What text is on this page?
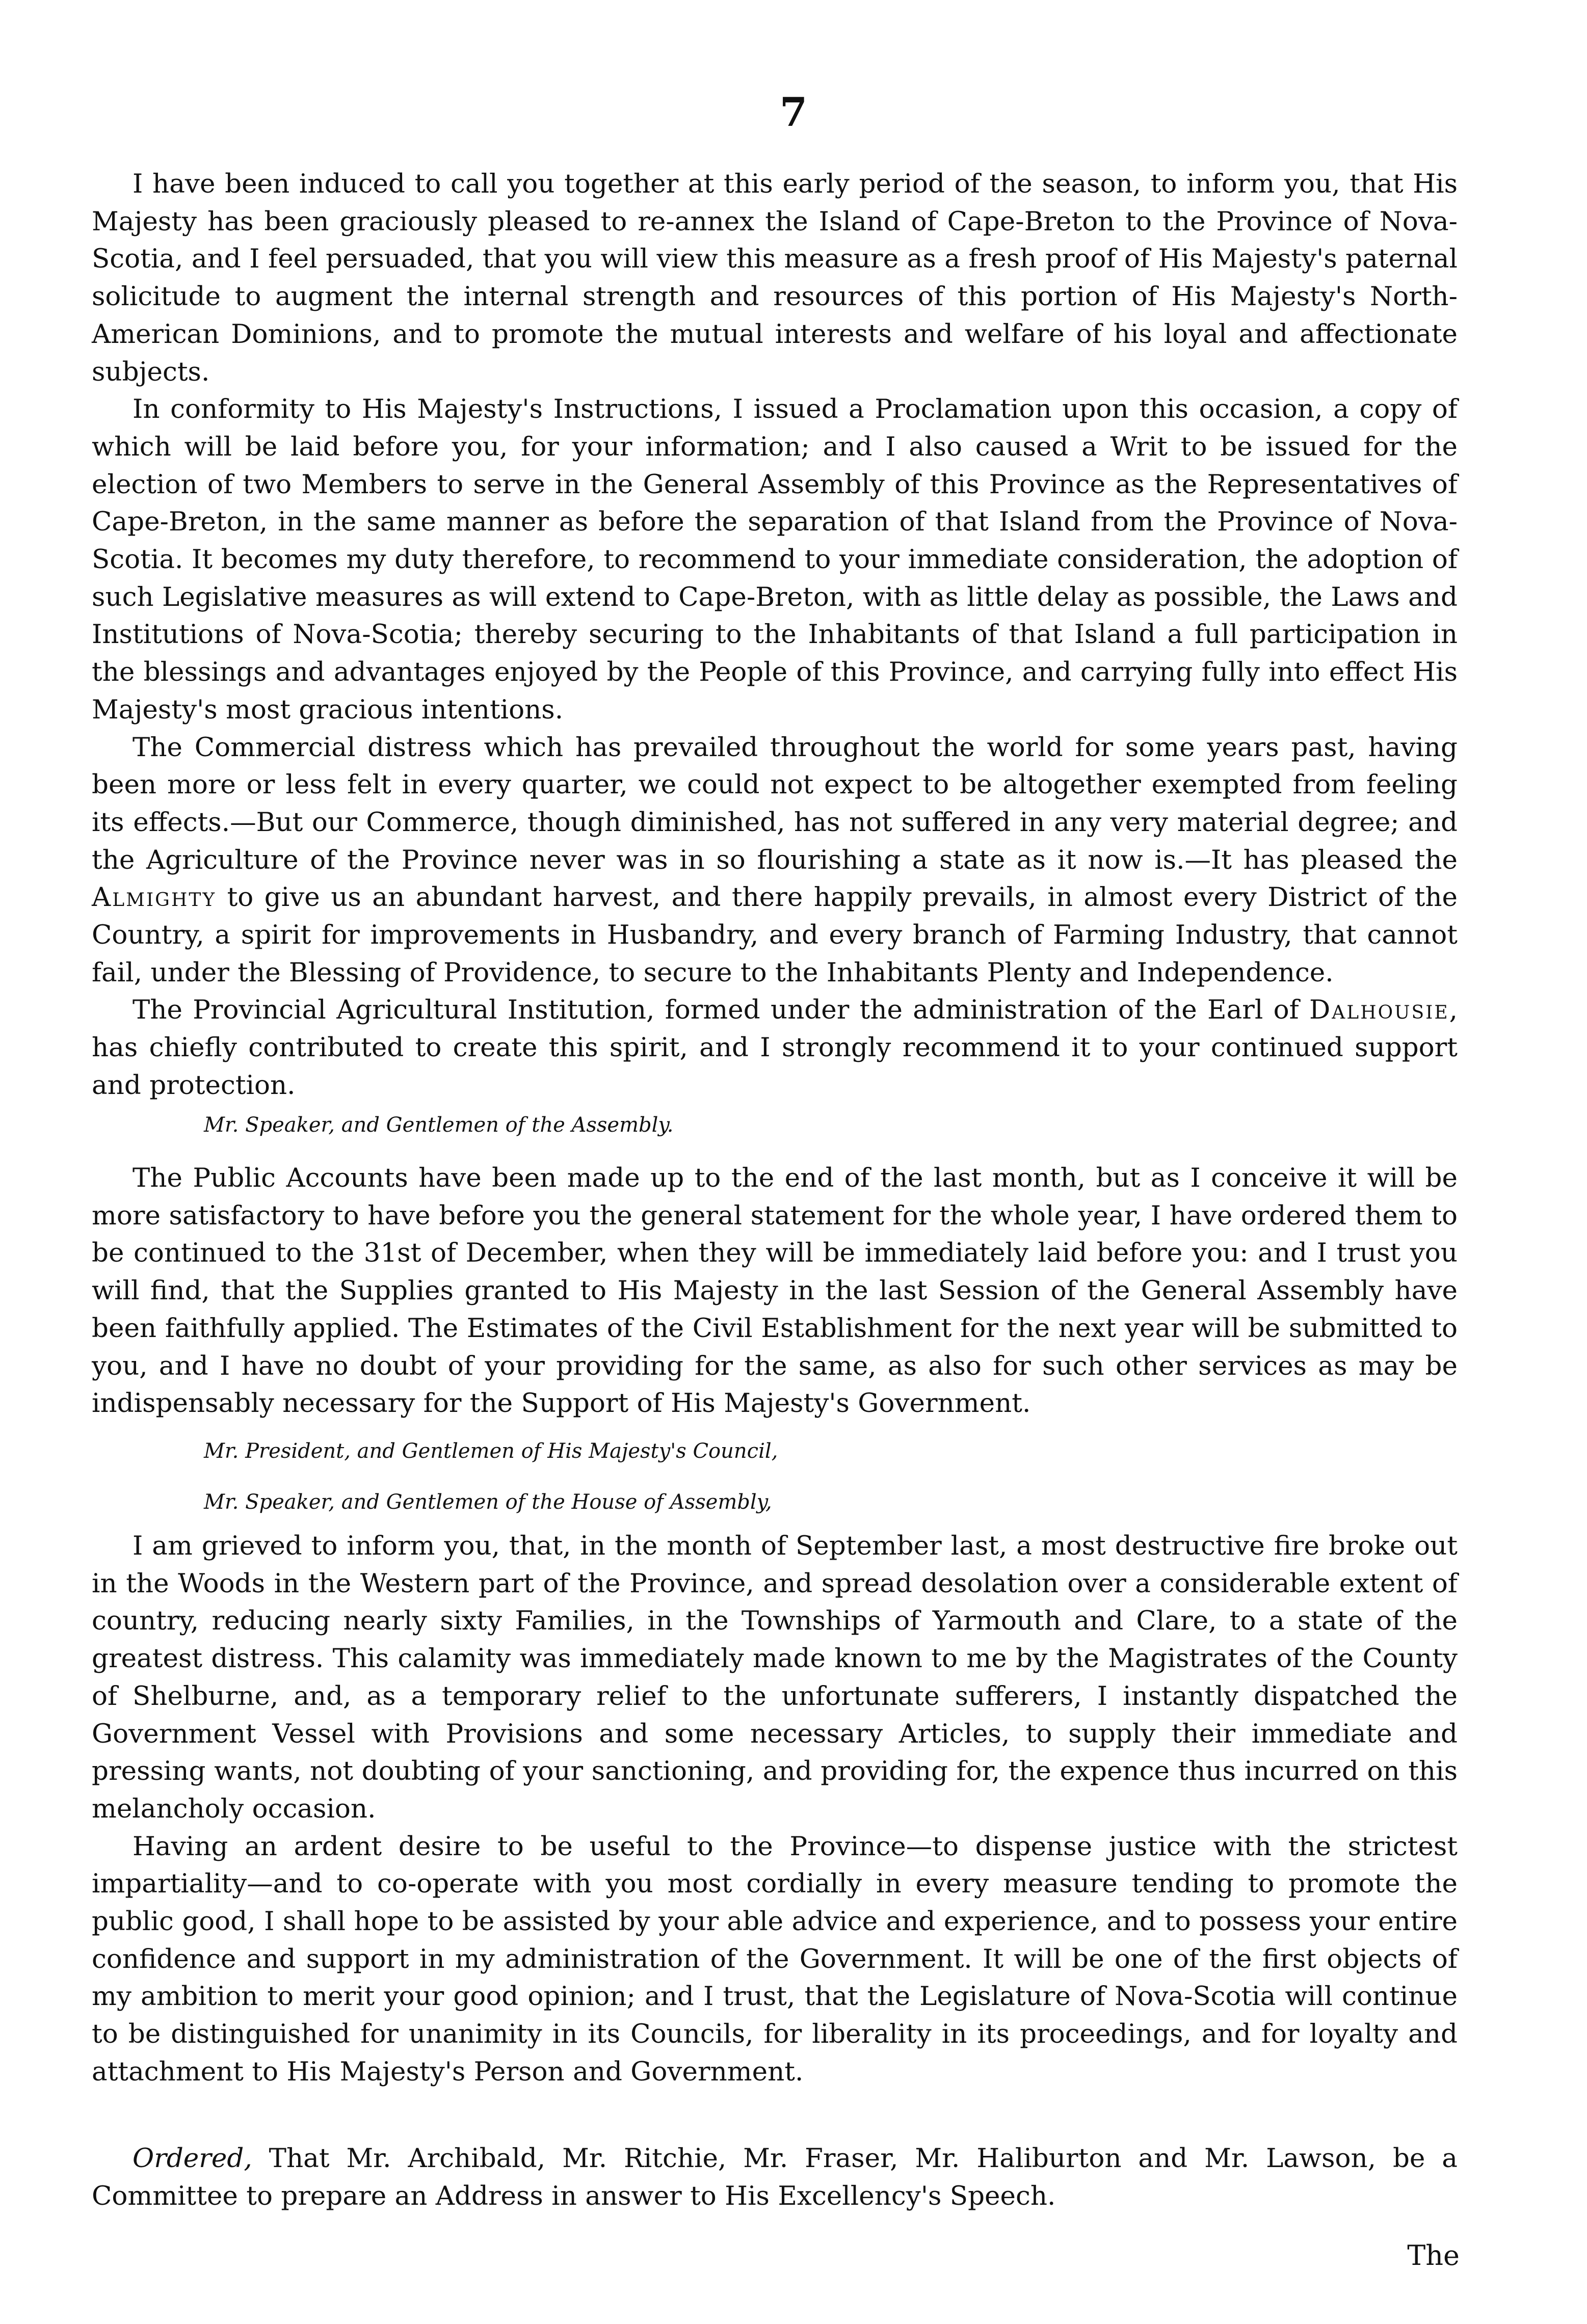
7

I have been induced to call you together at this early period of the season, to inform you, that His Majesty has been graciously pleased to re-annex the Island of Cape-Breton to the Province of Nova-Scotia, and I feel persuaded, that you will view this measure as a fresh proof of His Majesty's paternal solicitude to augment the internal strength and resources of this portion of His Majesty's North-American Dominions, and to promote the mutual interests and welfare of his loyal and affectionate subjects.

In conformity to His Majesty's Instructions, I issued a Proclamation upon this occasion, a copy of which will be laid before you, for your information; and I also caused a Writ to be issued for the election of two Members to serve in the General Assembly of this Province as the Representatives of Cape-Breton, in the same manner as before the separation of that Island from the Province of Nova-Scotia. It becomes my duty therefore, to recommend to your immediate consideration, the adoption of such Legislative measures as will extend to Cape-Breton, with as little delay as possible, the Laws and Institutions of Nova-Scotia; thereby securing to the Inhabitants of that Island a full participation in the blessings and advantages enjoyed by the People of this Province, and carrying fully into effect His Majesty's most gracious intentions.

The Commercial distress which has prevailed throughout the world for some years past, having been more or less felt in every quarter, we could not expect to be altogether exempted from feeling its effects.—But our Commerce, though diminished, has not suffered in any very material degree; and the Agriculture of the Province never was in so flourishing a state as it now is.—It has pleased the Almighty to give us an abundant harvest, and there happily prevails, in almost every District of the Country, a spirit for improvements in Husbandry, and every branch of Farming Industry, that cannot fail, under the Blessing of Providence, to secure to the Inhabitants Plenty and Independence.

The Provincial Agricultural Institution, formed under the administration of the Earl of Dalhousie, has chiefly contributed to create this spirit, and I strongly recommend it to your continued support and protection.

Mr. Speaker, and Gentlemen of the Assembly.

The Public Accounts have been made up to the end of the last month, but as I conceive it will be more satisfactory to have before you the general statement for the whole year, I have ordered them to be continued to the 31st of December, when they will be immediately laid before you: and I trust you will find, that the Supplies granted to His Majesty in the last Session of the General Assembly have been faithfully applied. The Estimates of the Civil Establishment for the next year will be submitted to you, and I have no doubt of your providing for the same, as also for such other services as may be indispensably necessary for the Support of His Majesty's Government.

Mr. President, and Gentlemen of His Majesty's Council,

Mr. Speaker, and Gentlemen of the House of Assembly,

I am grieved to inform you, that, in the month of September last, a most destructive fire broke out in the Woods in the Western part of the Province, and spread desolation over a considerable extent of country, reducing nearly sixty Families, in the Townships of Yarmouth and Clare, to a state of the greatest distress. This calamity was immediately made known to me by the Magistrates of the County of Shelburne, and, as a temporary relief to the unfortunate sufferers, I instantly dispatched the Government Vessel with Provisions and some necessary Articles, to supply their immediate and pressing wants, not doubting of your sanctioning, and providing for, the expence thus incurred on this melancholy occasion.

Having an ardent desire to be useful to the Province—to dispense justice with the strictest impartiality—and to co-operate with you most cordially in every measure tending to promote the public good, I shall hope to be assisted by your able advice and experience, and to possess your entire confidence and support in my administration of the Government. It will be one of the first objects of my ambition to merit your good opinion; and I trust, that the Legislature of Nova-Scotia will continue to be distinguished for unanimity in its Councils, for liberality in its proceedings, and for loyalty and attachment to His Majesty's Person and Government.

Ordered, That Mr. Archibald, Mr. Ritchie, Mr. Fraser, Mr. Haliburton and Mr. Lawson, be a Committee to prepare an Address in answer to His Excellency's Speech.

The
